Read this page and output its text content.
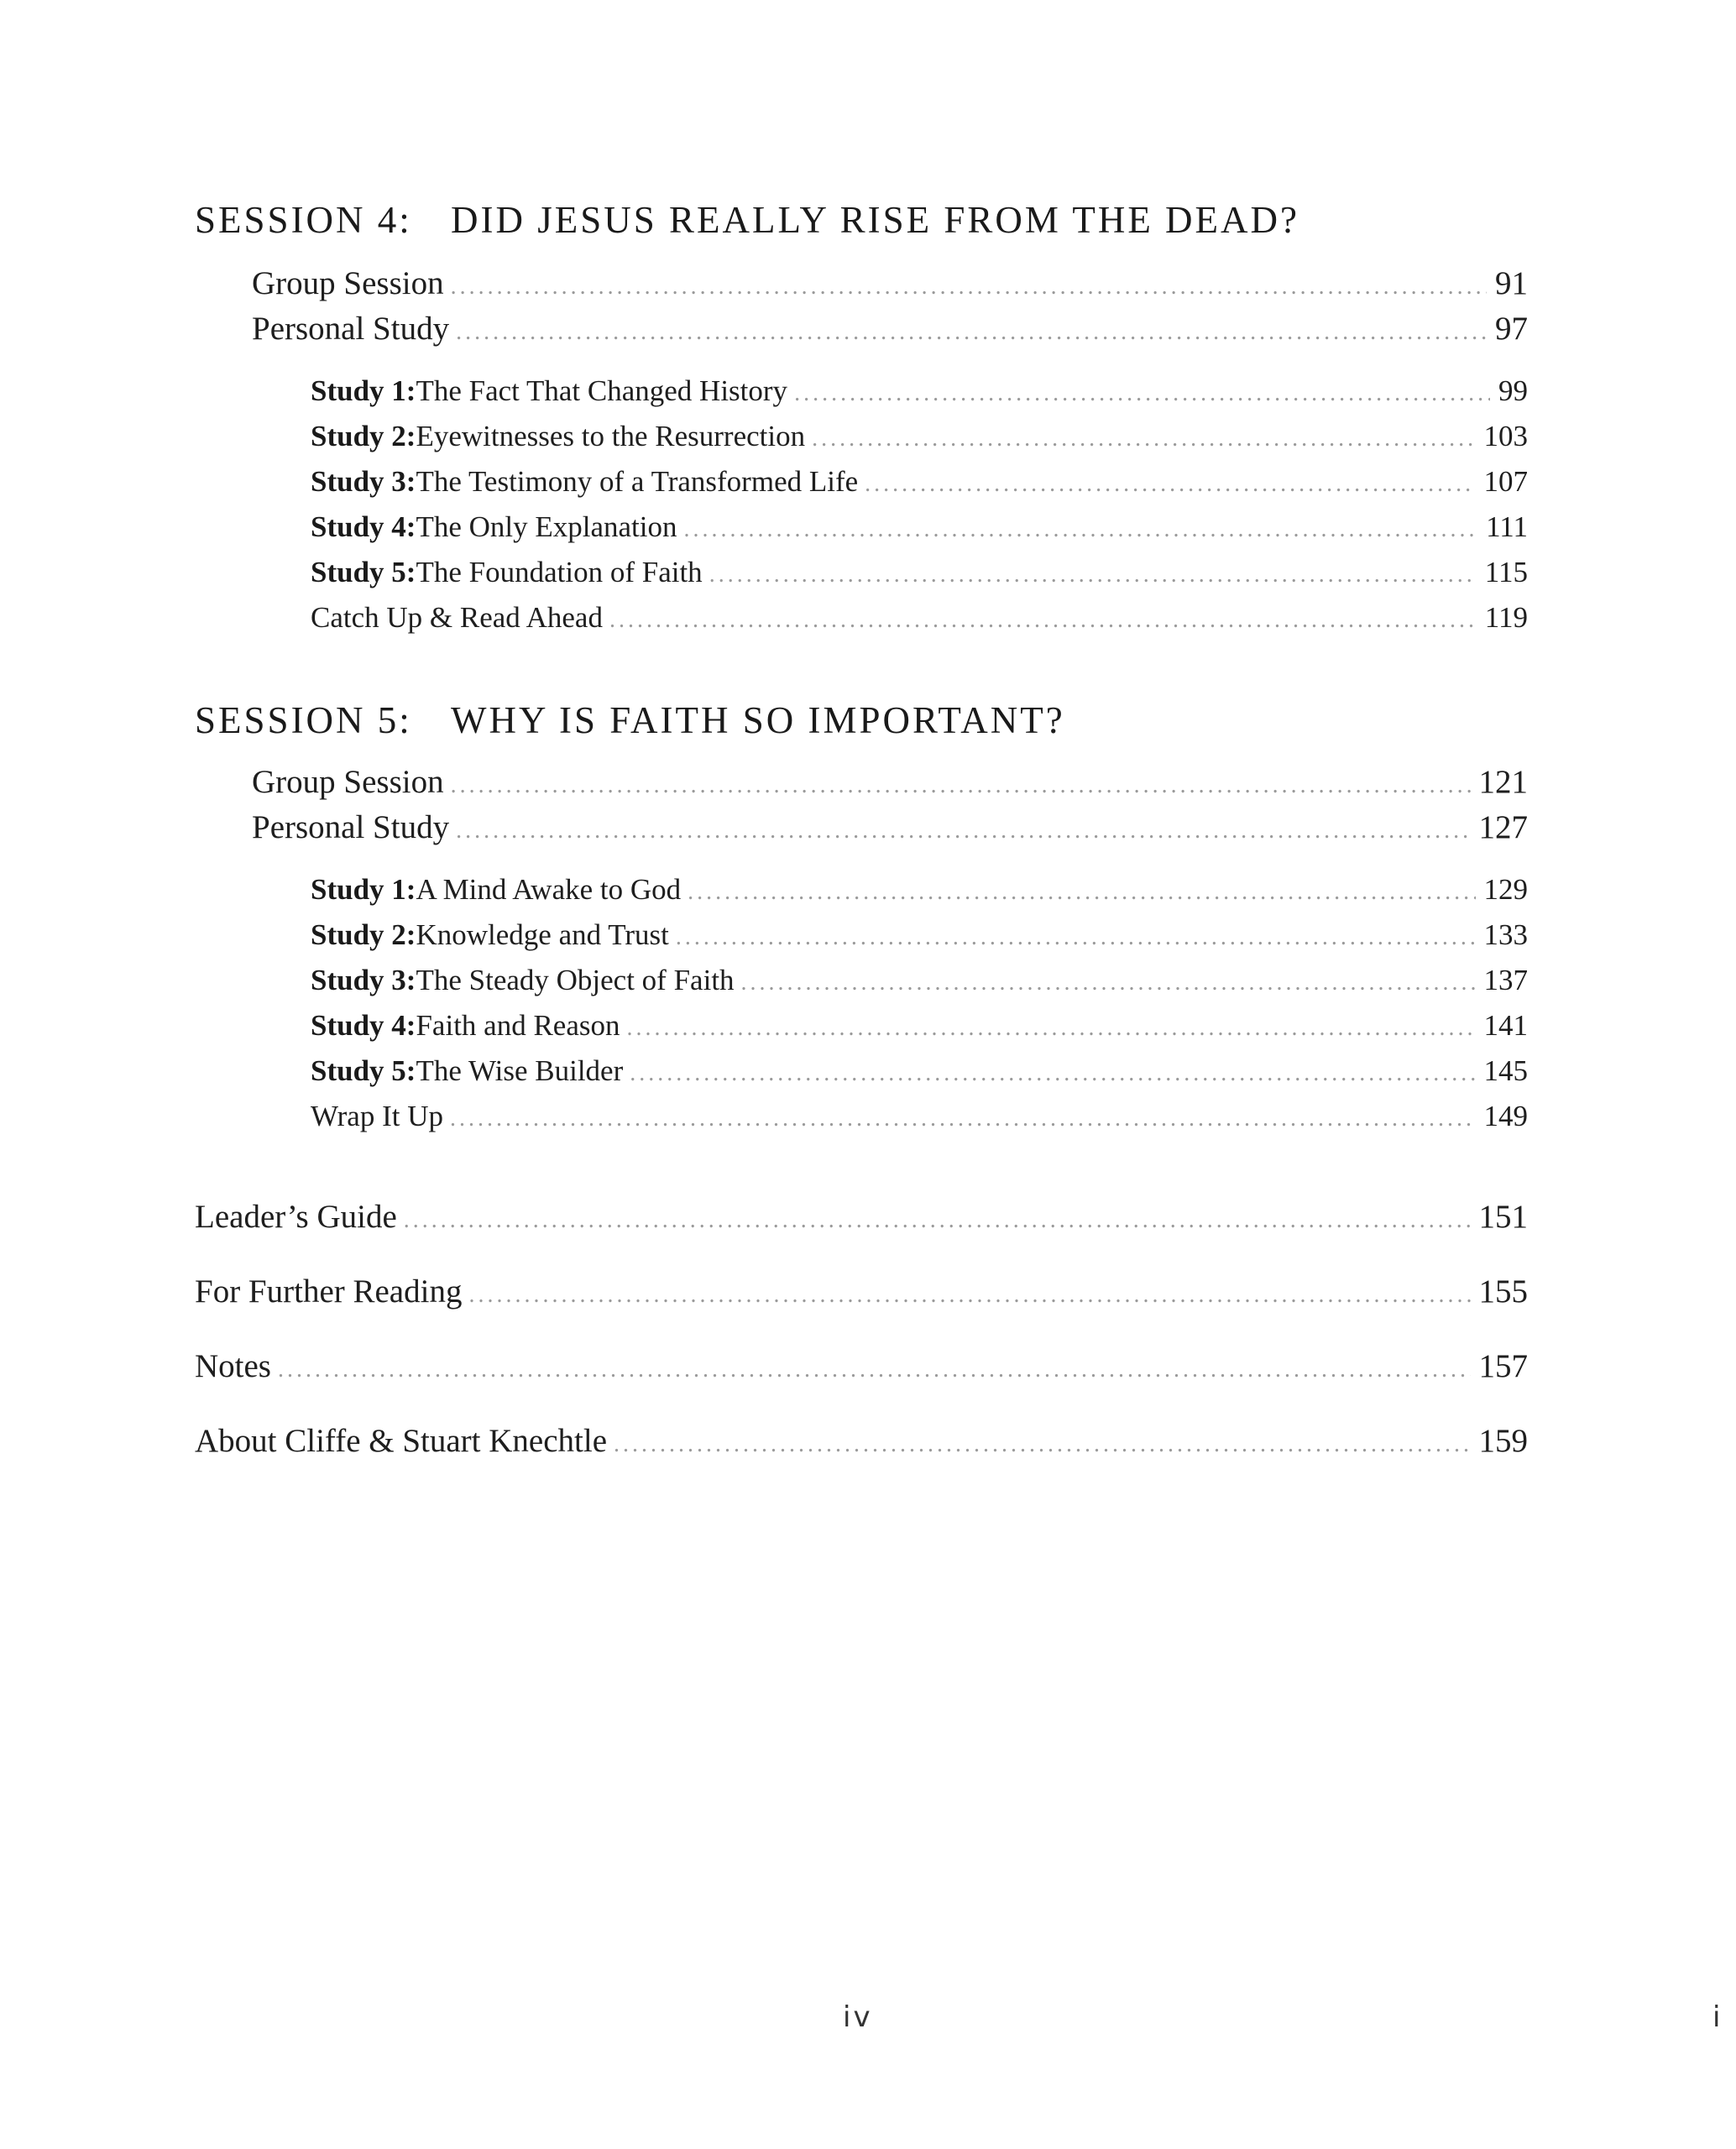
SESSION 4: DID JESUS REALLY RISE FROM THE DEAD?
Group Session .....	91
Personal Study .....	97
Study 1: The Fact That Changed History .....	99
Study 2: Eyewitnesses to the Resurrection .....	103
Study 3: The Testimony of a Transformed Life .....	107
Study 4: The Only Explanation .....	111
Study 5: The Foundation of Faith .....	115
Catch Up & Read Ahead .....	119
SESSION 5: WHY IS FAITH SO IMPORTANT?
Group Session .....	121
Personal Study .....	127
Study 1: A Mind Awake to God .....	129
Study 2: Knowledge and Trust .....	133
Study 3: The Steady Object of Faith .....	137
Study 4: Faith and Reason .....	141
Study 5: The Wise Builder .....	145
Wrap It Up .....	149
Leader’s Guide .....	151
For Further Reading .....	155
Notes .....	157
About Cliffe & Stuart Knechtle .....	159
iv	i
